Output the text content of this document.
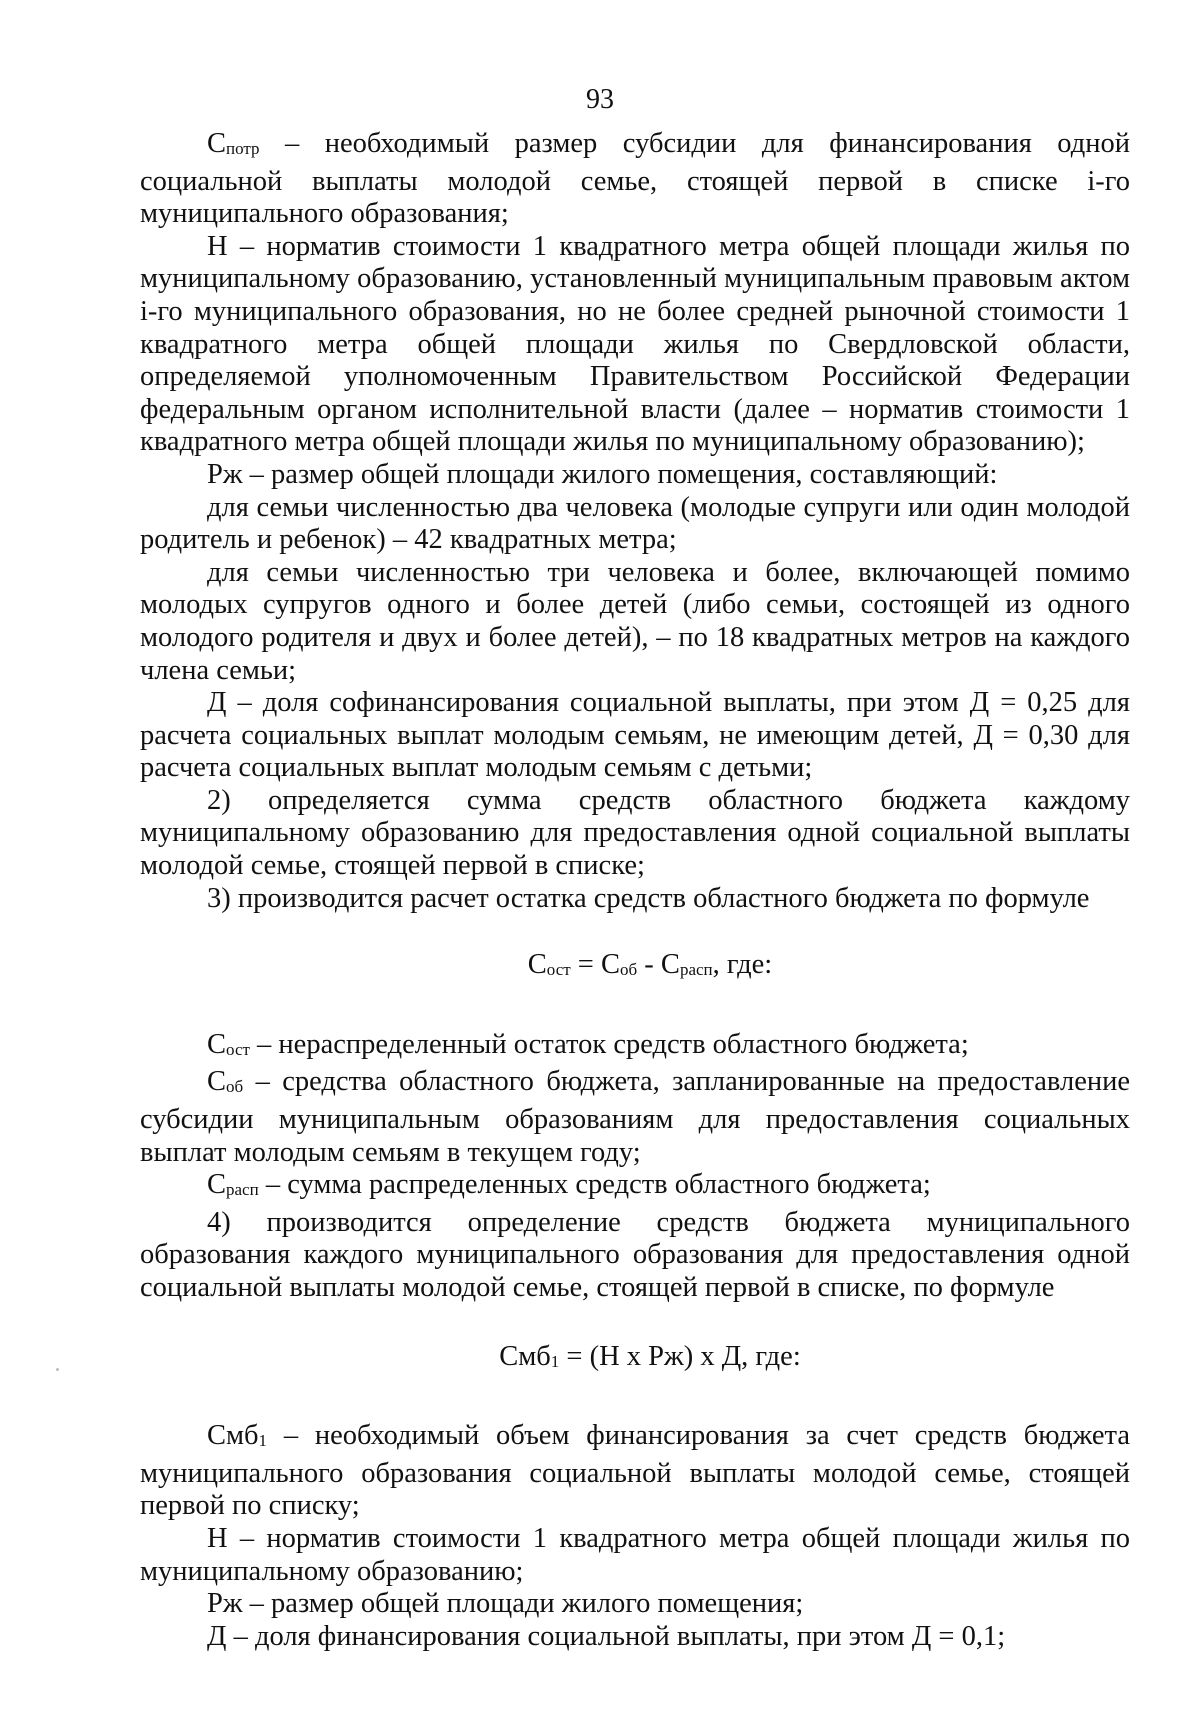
93

$С_{потр}$ – необходимый размер субсидии для финансирования одной социальной выплаты молодой семье, стоящей первой в списке i-го муниципального образования;

Н – норматив стоимости 1 квадратного метра общей площади жилья по муниципальному образованию, установленный муниципальным правовым актом i-го муниципального образования, но не более средней рыночной стоимости 1 квадратного метра общей площади жилья по Свердловской области, определяемой уполномоченным Правительством Российской Федерации федеральным органом исполнительной власти (далее – норматив стоимости 1 квадратного метра общей площади жилья по муниципальному образованию);

Рж – размер общей площади жилого помещения, составляющий:

для семьи численностью два человека (молодые супруги или один молодой родитель и ребенок) – 42 квадратных метра;

для семьи численностью три человека и более, включающей помимо молодых супругов одного и более детей (либо семьи, состоящей из одного молодого родителя и двух и более детей), – по 18 квадратных метров на каждого члена семьи;

Д – доля софинансирования социальной выплаты, при этом Д = 0,25 для расчета социальных выплат молодым семьям, не имеющим детей, Д = 0,30 для расчета социальных выплат молодым семьям с детьми;

2) определяется сумма средств областного бюджета каждому муниципальному образованию для предоставления одной социальной выплаты молодой семье, стоящей первой в списке;

3) производится расчет остатка средств областного бюджета по формуле

$С_{ост} = С_{об} - С_{расп}$, где:

$С_{ост}$ – нераспределенный остаток средств областного бюджета;

$С_{об}$ – средства областного бюджета, запланированные на предоставление субсидии муниципальным образованиям для предоставления социальных выплат молодым семьям в текущем году;

$С_{расп}$ – сумма распределенных средств областного бюджета;

4) производится определение средств бюджета муниципального образования каждого муниципального образования для предоставления одной социальной выплаты молодой семье, стоящей первой в списке, по формуле

Смб$_1$ = (Н х Рж) х Д, где:

Смб$_1$ – необходимый объем финансирования за счет средств бюджета муниципального образования социальной выплаты молодой семье, стоящей первой по списку;

Н – норматив стоимости 1 квадратного метра общей площади жилья по муниципальному образованию;

Рж – размер общей площади жилого помещения;

Д – доля финансирования социальной выплаты, при этом Д = 0,1;
